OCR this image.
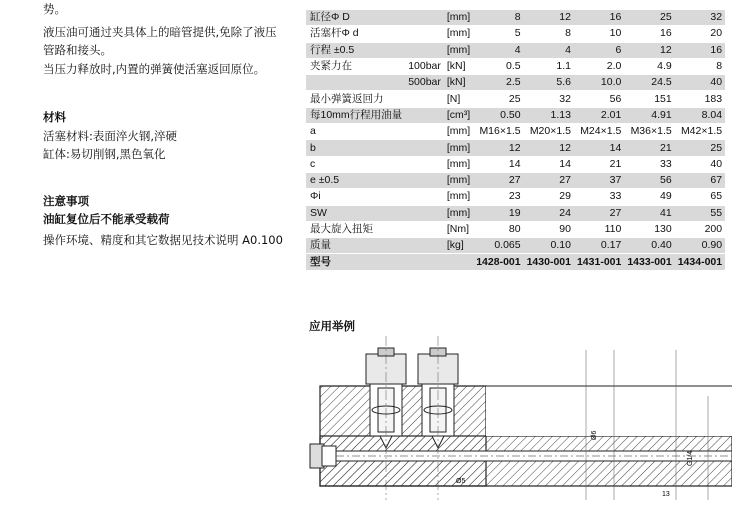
势。

液压油可通过夹具体上的暗管提供,免除了液压

管路和接头。

当压力释放时,内置的弹簧使活塞返回原位。

材料

活塞材料:表面淬火钢,淬硬

缸体:易切削钢,黑色氧化

注意事项

油缸复位后不能承受载荷

操作环境、精度和其它数据见技术说明 A0.100

缸径Φ D		[mm]	8	12	16	25	32
活塞杆Φ d		[mm]	5	8	10	16	20
行程 ±0.5		[mm]	4	4	6	12	16
夹紧力在	100bar	[kN]	0.5	1.1	2.0	4.9	8
	500bar	[kN]	2.5	5.6	10.0	24.5	40
最小弹簧返回力		[N]	25	32	56	151	183
每10mm行程用油量		[cm³]	0.50	1.13	2.01	4.91	8.04
a		[mm]	M16×1.5	M20×1.5	M24×1.5	M36×1.5	M42×1.5
b		[mm]	12	12	14	21	25
c		[mm]	14	14	21	33	40
e ±0.5		[mm]	27	27	37	56	67
Φi		[mm]	23	29	33	49	65
SW		[mm]	19	24	27	41	55
最大旋入扭矩		[Nm]	80	90	110	130	200
质量		[kg]	0.065	0.10	0.17	0.40	0.90
型号			1428-001	1430-001	1431-001	1433-001	1434-001
应用举例
Ø6
Ø5
G1/4
13
